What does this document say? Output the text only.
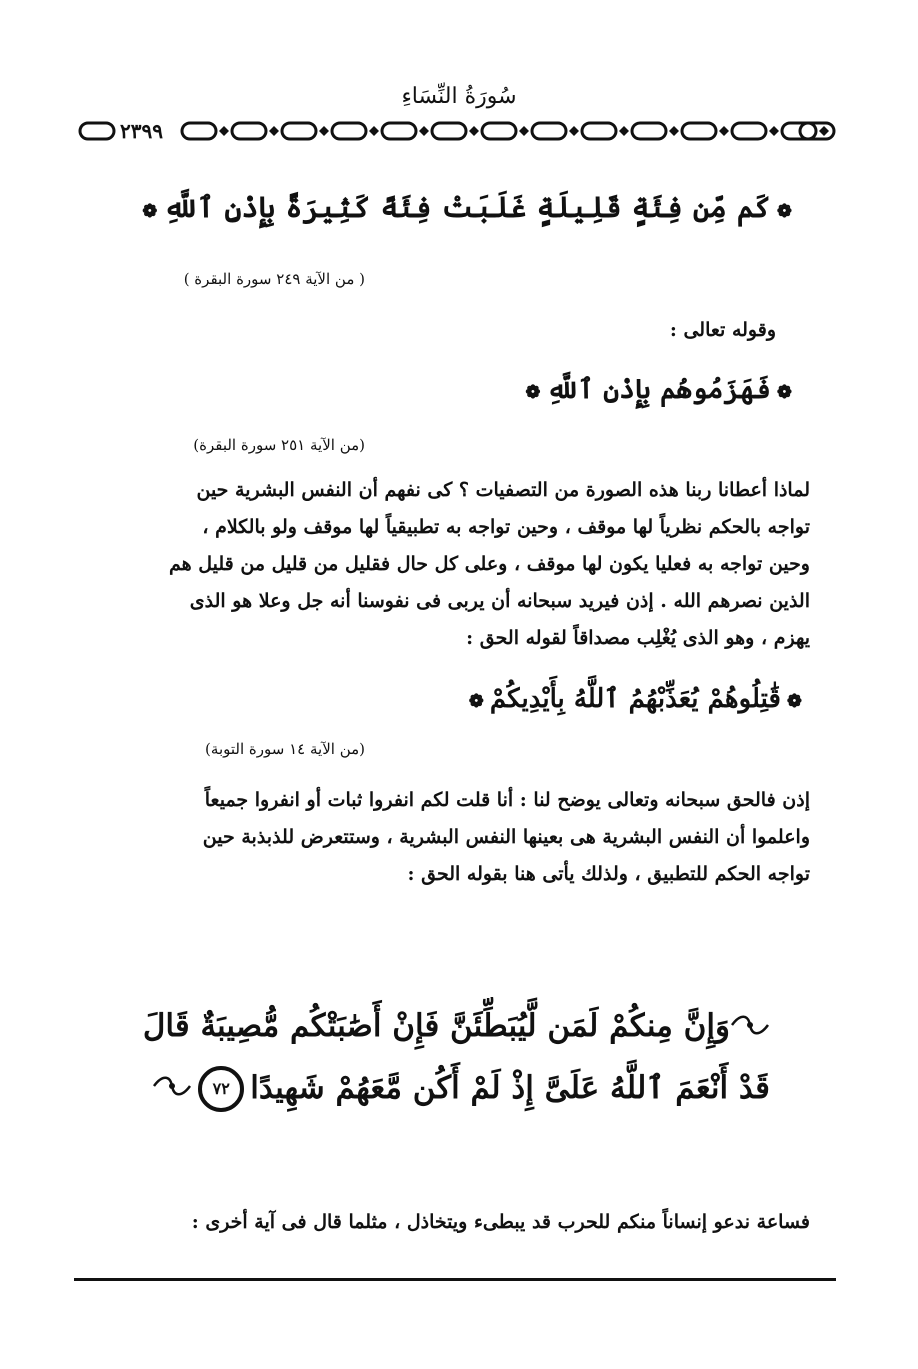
سُورَةُ النِّسَاءِ
٢٣٩٩
❁كَم مِّن فِئَةٍ قَلِيلَةٍ غَلَبَتْ فِئَةً كَثِيرَةً بِإِذْنِ ٱللَّهِ❁
( من الآية ٢٤٩ سورة البقرة )
وقوله تعالى :
❁فَهَزَمُوهُم بِإِذْنِ ٱللَّهِ❁
(من الآية ٢٥١ سورة البقرة)
لماذا أعطانا ربنا هذه الصورة من التصفيات ؟ كى نفهم أن النفس البشرية حين
تواجه بالحكم نظرياً لها موقف ، وحين تواجه به تطبيقياً لها موقف ولو بالكلام ،
وحين تواجه به فعليا يكون لها موقف ، وعلى كل حال فقليل من قليل من قليل هم
الذين نصرهم الله . إذن فيريد سبحانه أن يربى فى نفوسنا أنه جل وعلا هو الذى
يهزم ، وهو الذى يُغْلِب مصداقاً لقوله الحق :
❁قَٰتِلُوهُمْ يُعَذِّبْهُمُ ٱللَّهُ بِأَيْدِيكُمْ❁
(من الآية ١٤ سورة التوبة)
إذن فالحق سبحانه وتعالى يوضح لنا : أنا قلت لكم انفروا ثبات أو انفروا جميعاً
واعلموا أن النفس البشرية هى بعينها النفس البشرية ، وستتعرض للذبذبة حين
تواجه الحكم للتطبيق ، ولذلك يأتى هنا بقوله الحق :
وَإِنَّ مِنكُمْ لَمَن لَّيُبَطِّئَنَّ فَإِنْ أَصَٰبَتْكُم مُّصِيبَةٌ قَالَ
قَدْ أَنْعَمَ ٱللَّهُ عَلَىَّ إِذْ لَمْ أَكُن مَّعَهُمْ شَهِيدًا٧٢
فساعة ندعو إنساناً منكم للحرب قد يبطىء ويتخاذل ، مثلما قال فى آية أخرى :
